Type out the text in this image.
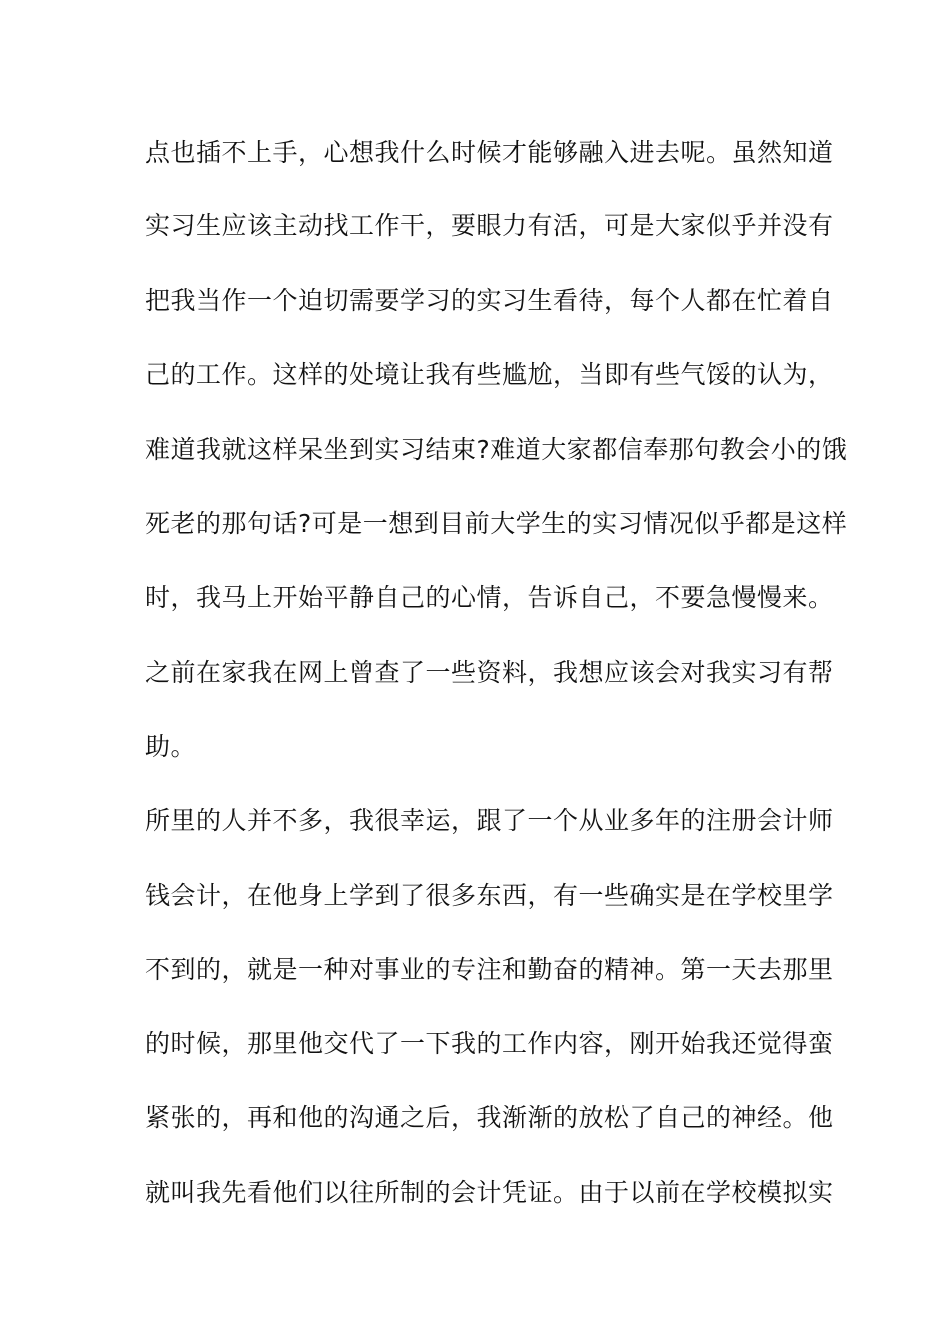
点也插不上手，心想我什么时候才能够融入进去呢。虽然知道
实习生应该主动找工作干，要眼力有活，可是大家似乎并没有
把我当作一个迫切需要学习的实习生看待，每个人都在忙着自
己的工作。这样的处境让我有些尴尬，当即有些气馁的认为，
难道我就这样呆坐到实习结束?难道大家都信奉那句教会小的饿
死老的那句话?可是一想到目前大学生的实习情况似乎都是这样
时，我马上开始平静自己的心情，告诉自己，不要急慢慢来。
之前在家我在网上曾查了一些资料，我想应该会对我实习有帮
助。
所里的人并不多，我很幸运，跟了一个从业多年的注册会计师
钱会计，在他身上学到了很多东西，有一些确实是在学校里学
不到的，就是一种对事业的专注和勤奋的精神。第一天去那里
的时候，那里他交代了一下我的工作内容，刚开始我还觉得蛮
紧张的，再和他的沟通之后，我渐渐的放松了自己的神经。他
就叫我先看他们以往所制的会计凭证。由于以前在学校模拟实
